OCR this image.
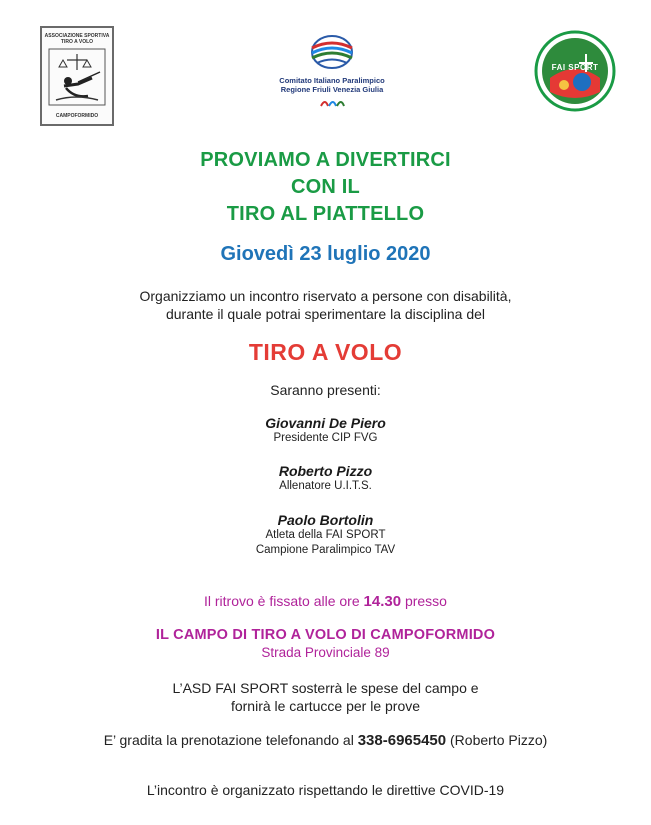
ASSOCIAZIONE SPORTIVA
TIRO A VOLO
CAMPOFORMIDO
Comitato Italiano Paralimpico
Regione Friuli Venezia Giulia
FAI SPORT
PROVIAMO A DIVERTIRCI
CON IL
TIRO AL PIATTELLO
Giovedì 23 luglio 2020
Organizziamo un incontro riservato a persone con disabilità,
durante il quale potrai sperimentare la disciplina del
TIRO A VOLO
Saranno presenti:
Giovanni De Piero
Presidente CIP FVG
Roberto Pizzo
Allenatore U.I.T.S.
Paolo Bortolin
Atleta della FAI SPORT
Campione Paralimpico TAV
Il ritrovo è fissato alle ore 14.30 presso
IL CAMPO DI TIRO A VOLO DI CAMPOFORMIDO
Strada Provinciale 89
L’ASD FAI SPORT sosterrà le spese del campo e
fornirà le cartucce per le prove
E’ gradita la prenotazione telefonando al 338-6965450 (Roberto Pizzo)
L’incontro è organizzato rispettando le direttive COVID-19
